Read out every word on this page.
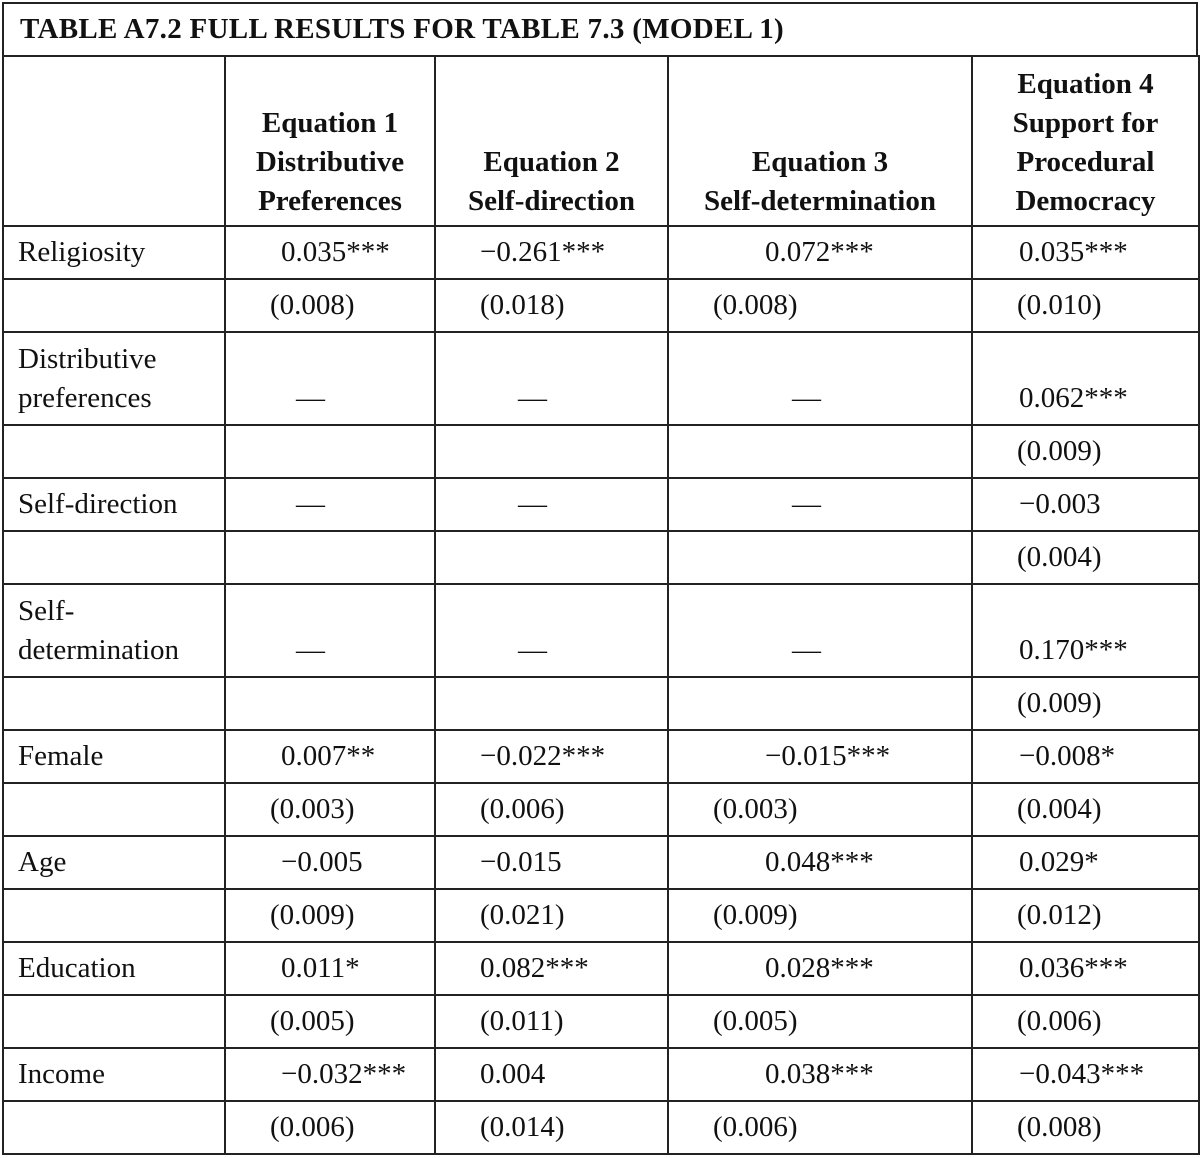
TABLE A7.2 FULL RESULTS FOR TABLE 7.3 (MODEL 1)

	Equation 1
Distributive
Preferences	Equation 2
Self-direction	Equation 3
Self-determination	Equation 4
Support for
Procedural
Democracy

Religiosity	0.035***	−0.261***	0.072***	0.035***
	(0.008)	(0.018)	(0.008)	(0.010)

Distributive
preferences	—	—	—	0.062***
				(0.009)

Self-direction	—	—	—	−0.003
				(0.004)

Self-
determination	—	—	—	0.170***
				(0.009)

Female	0.007**	−0.022***	−0.015***	−0.008*
	(0.003)	(0.006)	(0.003)	(0.004)

Age	−0.005	−0.015	0.048***	0.029*
	(0.009)	(0.021)	(0.009)	(0.012)

Education	0.011*	0.082***	0.028***	0.036***
	(0.005)	(0.011)	(0.005)	(0.006)

Income	−0.032***	0.004	0.038***	−0.043***
	(0.006)	(0.014)	(0.006)	(0.008)
